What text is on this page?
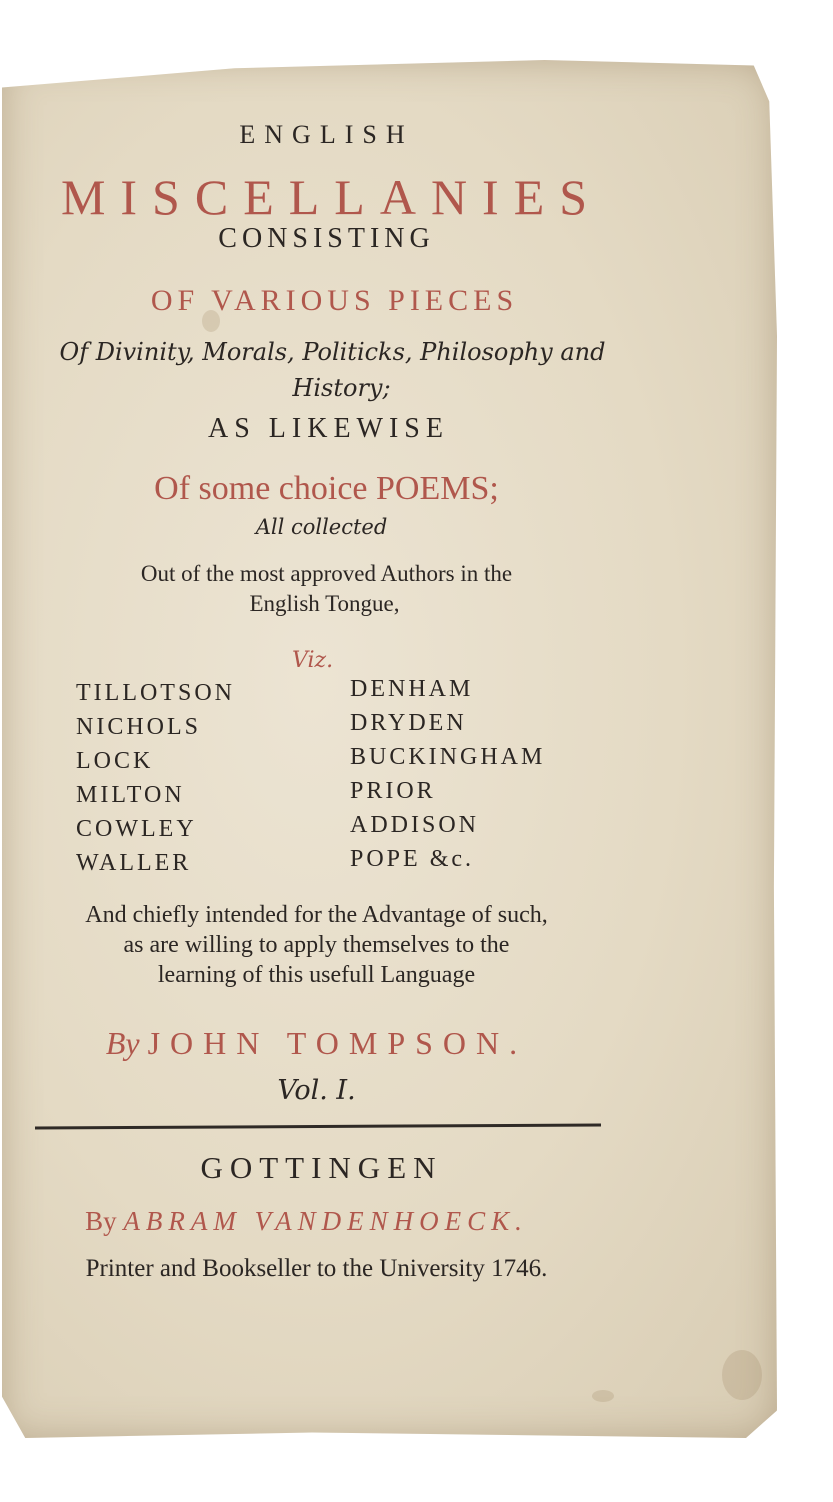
ENGLISH
MISCELLANIES
CONSISTING
OF VARIOUS PIECES
Of Divinity, Morals, Politicks, Philosophy and
History;
AS LIKEWISE
Of some choice POEMS;
All collected
Out of the most approved Authors in the
English Tongue,
Viz.
TILLOTSON
NICHOLS
LOCK
MILTON
COWLEY
WALLER
DENHAM
DRYDEN
BUCKINGHAM
PRIOR
ADDISON
POPE &c.
And chiefly intended for the Advantage of such,
as are willing to apply themselves to the
learning of this usefull Language
By JOHN TOMPSON.
Vol. I.
GOTTINGEN
By ABRAM VANDENHOECK.
Printer and Bookseller to the University 1746.
